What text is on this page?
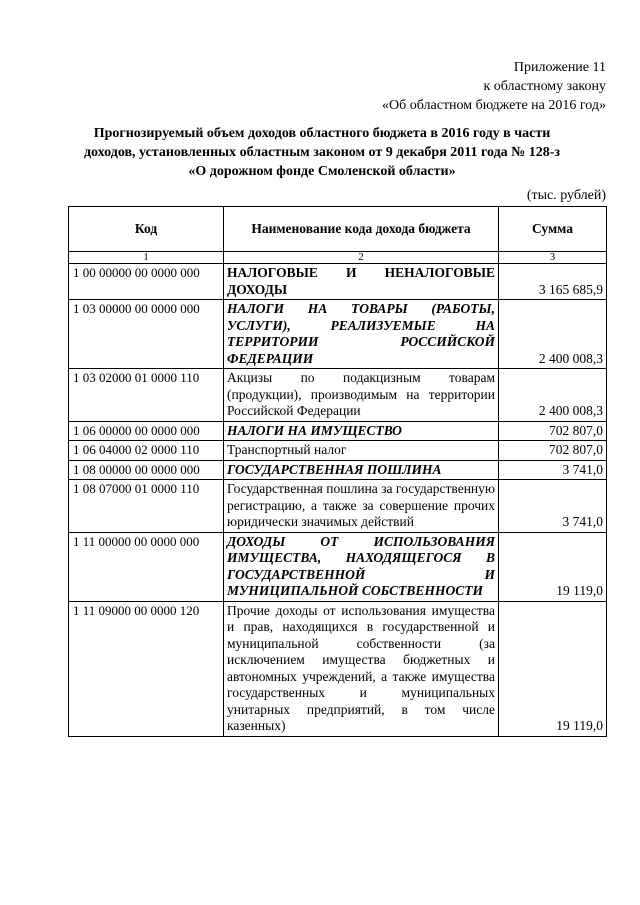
Приложение 11
к областному закону
«Об областном бюджете на 2016 год»
Прогнозируемый объем доходов областного бюджета в 2016 году в части
доходов, установленных областным законом от 9 декабря 2011 года № 128-з
«О дорожном фонде Смоленской области»
(тыс. рублей)
Код	Наименование кода дохода бюджета	Сумма
1	2	3
1 00 00000 00 0000 000	НАЛОГОВЫЕ И НЕНАЛОГОВЫЕ ДОХОДЫ	3 165 685,9
1 03 00000 00 0000 000	НАЛОГИ НА ТОВАРЫ (РАБОТЫ, УСЛУГИ), РЕАЛИЗУЕМЫЕ НА ТЕРРИТОРИИ РОССИЙСКОЙ ФЕДЕРАЦИИ	2 400 008,3
1 03 02000 01 0000 110	Акцизы по подакцизным товарам (продукции), производимым на территории Российской Федерации	2 400 008,3
1 06 00000 00 0000 000	НАЛОГИ НА ИМУЩЕСТВО	702 807,0
1 06 04000 02 0000 110	Транспортный налог	702 807,0
1 08 00000 00 0000 000	ГОСУДАРСТВЕННАЯ ПОШЛИНА	3 741,0
1 08 07000 01 0000 110	Государственная пошлина за государственную регистрацию, а также за совершение прочих юридически значимых действий	3 741,0
1 11 00000 00 0000 000	ДОХОДЫ ОТ ИСПОЛЬЗОВАНИЯ ИМУЩЕСТВА, НАХОДЯЩЕГОСЯ В ГОСУДАРСТВЕННОЙ И МУНИЦИПАЛЬНОЙ СОБСТВЕННОСТИ	19 119,0
1 11 09000 00 0000 120	Прочие доходы от использования имущества и прав, находящихся в государственной и муниципальной собственности (за исключением имущества бюджетных и автономных учреждений, а также имущества государственных и муниципальных унитарных предприятий, в том числе казенных)	19 119,0
